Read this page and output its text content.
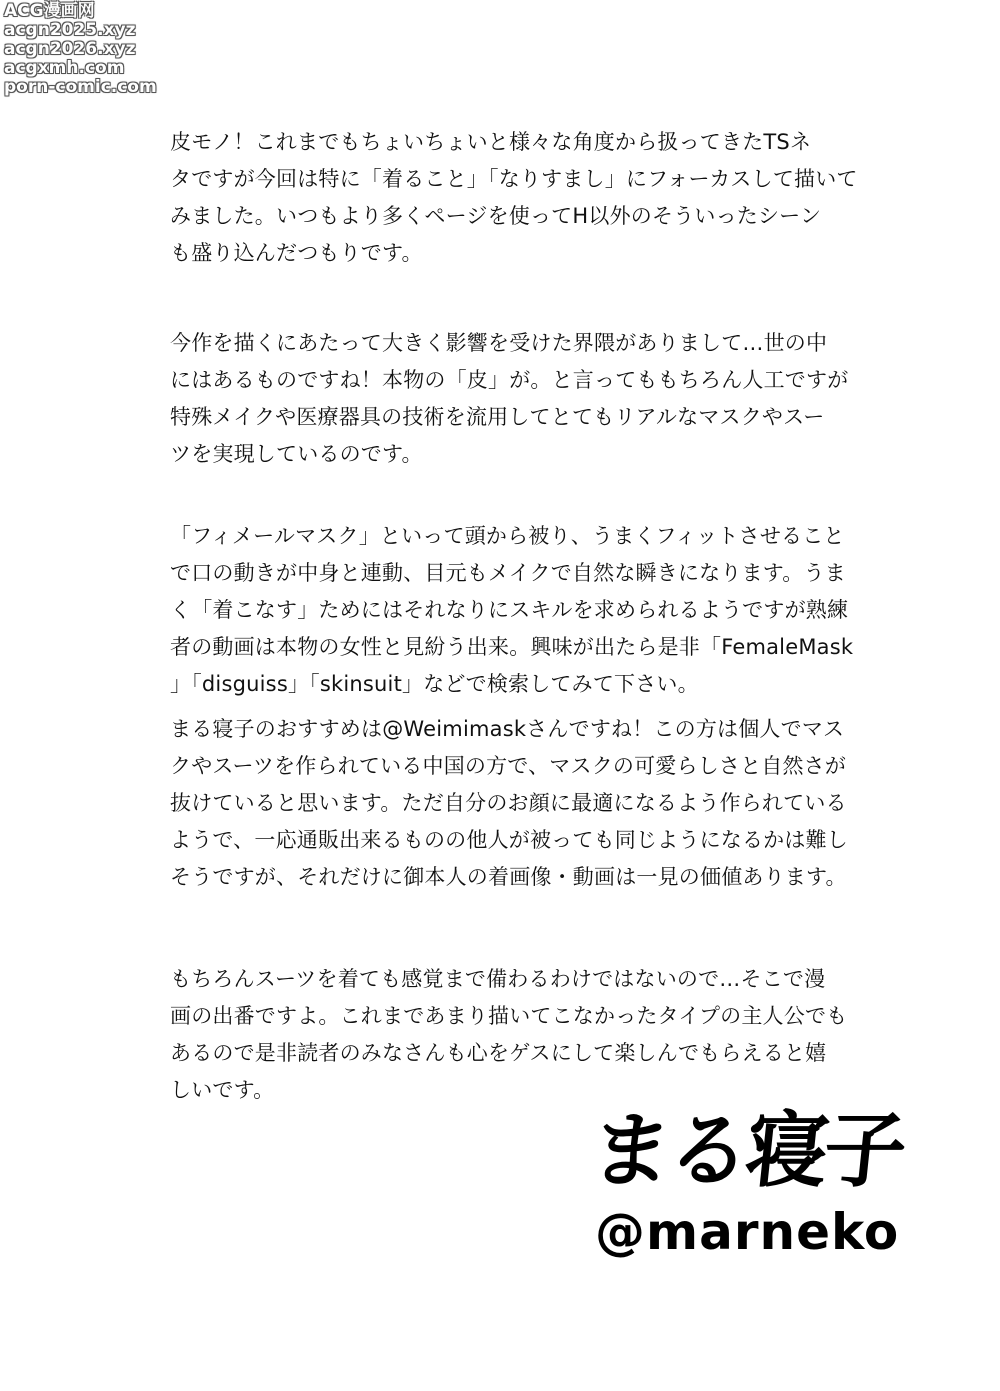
ACG漫画网
acgn2025.xyz
acgn2026.xyz
acgxmh.com
porn-comic.com
皮モノ！これまでもちょいちょいと様々な角度から扱ってきたTSネ
タですが今回は特に「着ること」「なりすまし」にフォーカスして描いて
みました。いつもより多くページを使ってH以外のそういったシーン
も盛り込んだつもりです。
今作を描くにあたって大きく影響を受けた界隈がありまして…世の中
にはあるものですね！本物の「皮」が。と言ってももちろん人工ですが
特殊メイクや医療器具の技術を流用してとてもリアルなマスクやスー
ツを実現しているのです。
「フィメールマスク」といって頭から被り、うまくフィットさせること
で口の動きが中身と連動、目元もメイクで自然な瞬きになります。うま
く「着こなす」ためにはそれなりにスキルを求められるようですが熟練
者の動画は本物の女性と見紛う出来。興味が出たら是非「FemaleMask
」「disguiss」「skinsuit」などで検索してみて下さい。
まる寝子のおすすめは@Weimimaskさんですね！この方は個人でマス
クやスーツを作られている中国の方で、マスクの可愛らしさと自然さが
抜けていると思います。ただ自分のお顔に最適になるよう作られている
ようで、一応通販出来るものの他人が被っても同じようになるかは難し
そうですが、それだけに御本人の着画像・動画は一見の価値あります。
もちろんスーツを着ても感覚まで備わるわけではないので…そこで漫
画の出番ですよ。これまであまり描いてこなかったタイプの主人公でも
あるので是非読者のみなさんも心をゲスにして楽しんでもらえると嬉
しいです。
まる寝子
@marneko
